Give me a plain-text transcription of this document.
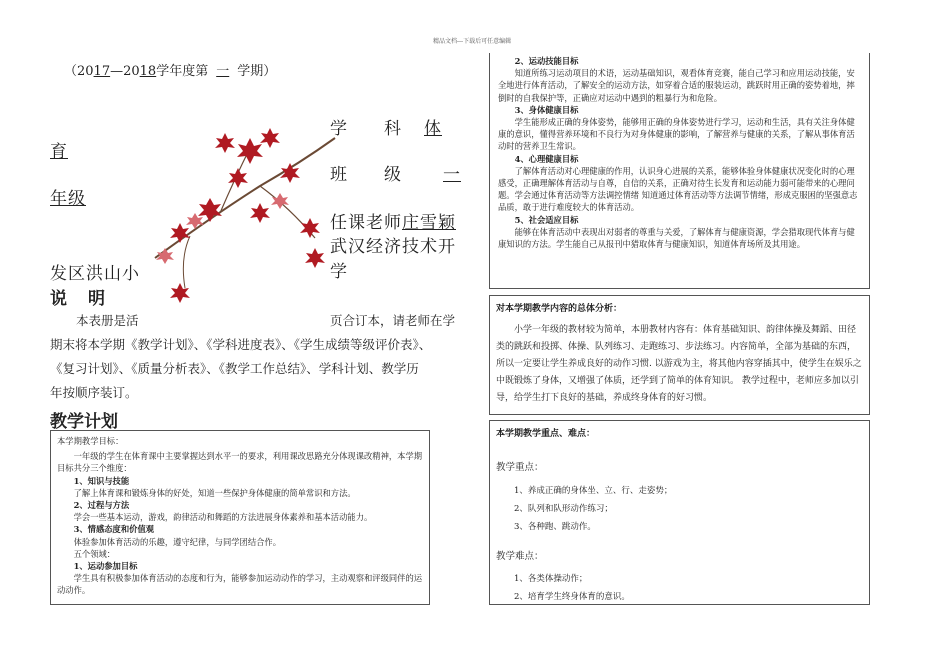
精品文档---下载后可任意编辑
（2017—2018学年度第 一 学期）
学　　科	体
育
班　　级	一
年级
任课老师庄雪颖
武汉经济技术开
发区洪山小	学
说　明
本表册是活	页合订本，请老师在学
期末将本学期《教学计划》、《学科进度表》、《学生成绩等级评价表》、
《复习计划》、《质量分析表》、《教学工作总结》、学科计划、教学历
年按顺序装订。
教学计划

本学期教学目标：

一年级的学生在体育课中主要掌握达到水平一的要求，利用课改思路充分体现课改精神，本学期目标共分三个维度：

1、知识与技能

了解上体育课和锻炼身体的好处，知道一些保护身体健康的简单常识和方法。

2、过程与方法

学会一些基本运动，游戏，韵律活动和舞蹈的方法进展身体素养和基本活动能力。

3、情感态度和价值观

体验参加体育活动的乐趣，遵守纪律，与同学团结合作。

五个领域：

1、运动参加目标

学生具有积极参加体育活动的态度和行为，能够参加运动动作的学习，主动观察和评级同伴的运动动作。

2、运动技能目标

知道所练习运动项目的术语，运动基础知识，观看体育竞赛，能自己学习和应用运动技能，安全地进行体育活动，了解安全的运动方法，如穿着合适的服装运动，跳跃时用正确的姿势着地，摔倒时的自我保护等，正确应对运动中遇到的粗暴行为和危险。

3、身体健康目标

学生能形成正确的身体姿势，能够用正确的身体姿势进行学习，运动和生活，具有关注身体健康的意识，懂得营养环境和不良行为对身体健康的影响，了解营养与健康的关系，了解从事体育活动时的营养卫生常识。

4、心理健康目标

了解体育活动对心理健康的作用，认识身心进展的关系，能够体验身体健康状况变化时的心理感受，正确理解体育活动与自尊，自信的关系，正确对待生长发育和运动能力弱可能带来的心理问题。学会通过体育活动等方法调控情绪 知道通过体育活动等方法调节情绪，形成克服困的坚强意志品质，敢于进行难度较大的体育活动。

5、社会适应目标

能够在体育活动中表现出对弱者的尊重与关爱，了解体育与健康资源，学会猎取现代体育与健康知识的方法。学生能自己从报刊中猎取体育与健康知识，知道体育场所及其用途。

对本学期教学内容的总体分析：
小学一年级的教材较为简单，本册教材内容有：体育基础知识、韵律体操及舞蹈、田径类的跳跃和投掷、体操、队列练习、走跑练习、步法练习。内容简单，全部为基础的东西，所以一定要让学生养成良好的动作习惯. 以游戏为主，将其他内容穿插其中，使学生在娱乐之中既锻炼了身体，又增强了体质，还学到了简单的体育知识。 教学过程中，老师应多加以引导，给学生打下良好的基础，养成终身体育的好习惯。
本学期教学重点、难点：
教学重点：
1、养成正确的身体坐、立、行、走姿势；
2、队列和队形动作练习；
3、各种跑、跳动作。
教学难点：
1、各类体操动作；
2、培育学生终身体育的意识。
